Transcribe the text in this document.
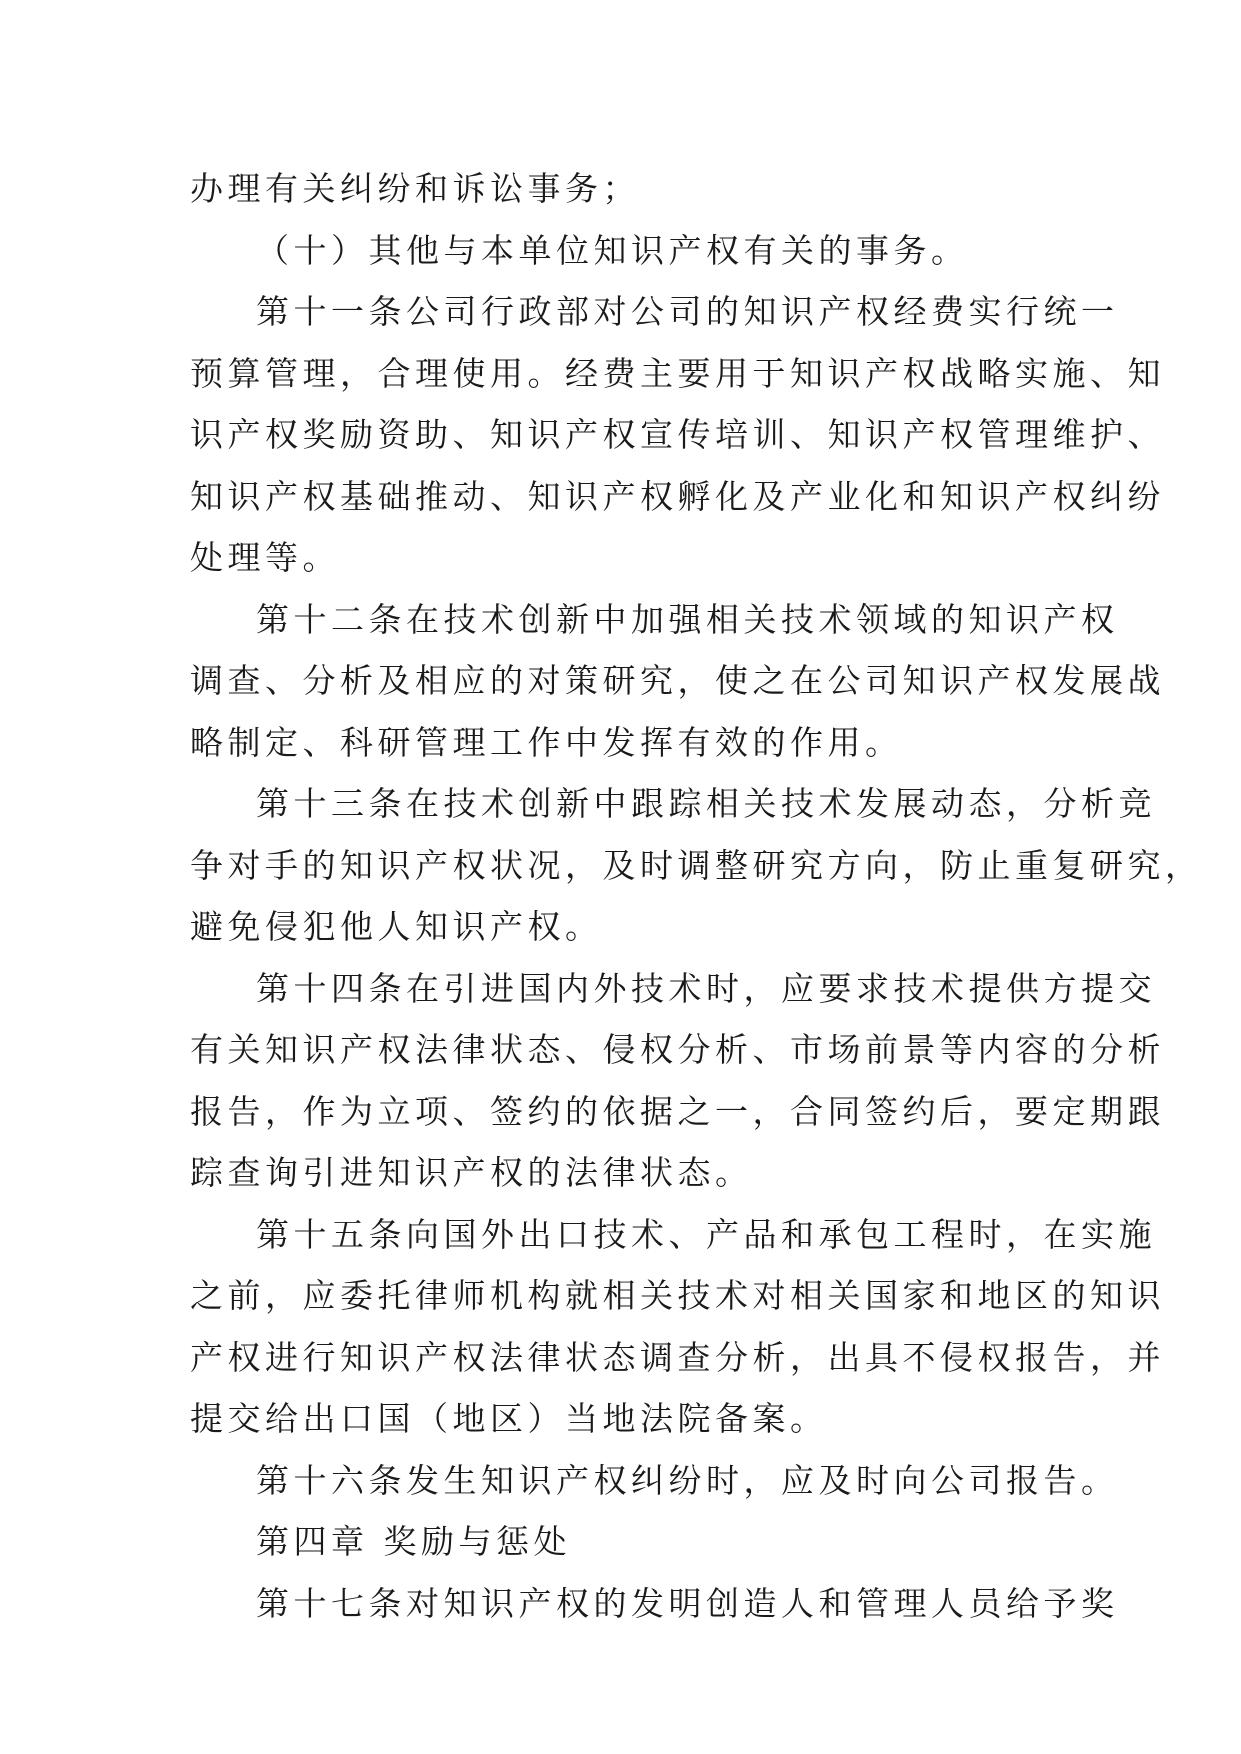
办理有关纠纷和诉讼事务；
（十）其他与本单位知识产权有关的事务。
第十一条公司行政部对公司的知识产权经费实行统一
预算管理，合理使用。经费主要用于知识产权战略实施、知
识产权奖励资助、知识产权宣传培训、知识产权管理维护、
知识产权基础推动、知识产权孵化及产业化和知识产权纠纷
处理等。
第十二条在技术创新中加强相关技术领域的知识产权
调查、分析及相应的对策研究，使之在公司知识产权发展战
略制定、科研管理工作中发挥有效的作用。
第十三条在技术创新中跟踪相关技术发展动态，分析竞
争对手的知识产权状况，及时调整研究方向，防止重复研究，
避免侵犯他人知识产权。
第十四条在引进国内外技术时，应要求技术提供方提交
有关知识产权法律状态、侵权分析、市场前景等内容的分析
报告，作为立项、签约的依据之一，合同签约后，要定期跟
踪查询引进知识产权的法律状态。
第十五条向国外出口技术、产品和承包工程时，在实施
之前，应委托律师机构就相关技术对相关国家和地区的知识
产权进行知识产权法律状态调查分析，出具不侵权报告，并
提交给出口国（地区）当地法院备案。
第十六条发生知识产权纠纷时，应及时向公司报告。
第四章 奖励与惩处
第十七条对知识产权的发明创造人和管理人员给予奖
